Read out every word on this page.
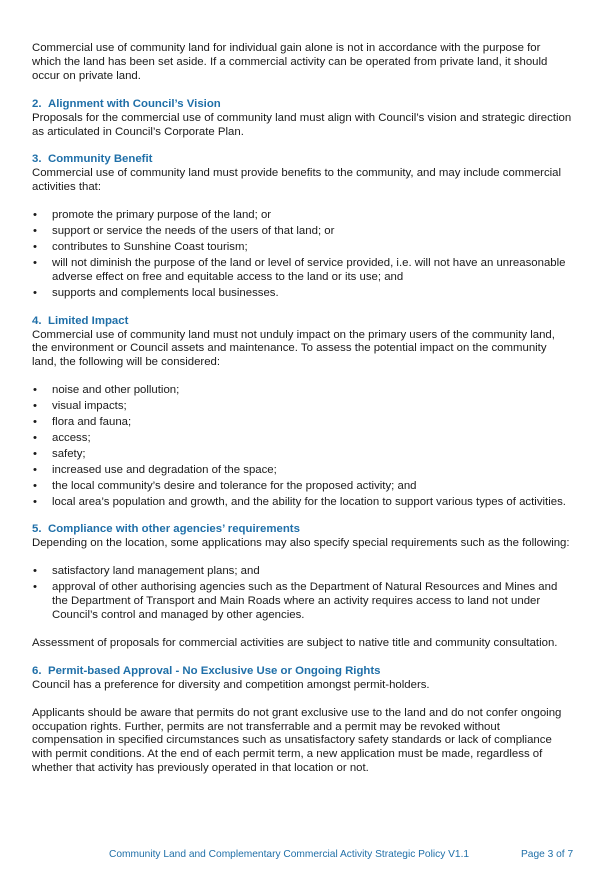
Commercial use of community land for individual gain alone is not in accordance with the purpose for which the land has been set aside. If a commercial activity can be operated from private land, it should occur on private land.

2. Alignment with Council’s Vision

Proposals for the commercial use of community land must align with Council’s vision and strategic direction as articulated in Council’s Corporate Plan.

3. Community Benefit

Commercial use of community land must provide benefits to the community, and may include commercial activities that:

• promote the primary purpose of the land; or
• support or service the needs of the users of that land; or
• contributes to Sunshine Coast tourism;
• will not diminish the purpose of the land or level of service provided, i.e. will not have an unreasonable adverse effect on free and equitable access to the land or its use; and
• supports and complements local businesses.

4. Limited Impact

Commercial use of community land must not unduly impact on the primary users of the community land, the environment or Council assets and maintenance. To assess the potential impact on the community land, the following will be considered:

• noise and other pollution;
• visual impacts;
• flora and fauna;
• access;
• safety;
• increased use and degradation of the space;
• the local community’s desire and tolerance for the proposed activity; and
• local area’s population and growth, and the ability for the location to support various types of activities.

5. Compliance with other agencies’ requirements

Depending on the location, some applications may also specify special requirements such as the following:

• satisfactory land management plans; and
• approval of other authorising agencies such as the Department of Natural Resources and Mines and the Department of Transport and Main Roads where an activity requires access to land not under Council’s control and managed by other agencies.

Assessment of proposals for commercial activities are subject to native title and community consultation.

6. Permit-based Approval - No Exclusive Use or Ongoing Rights

Council has a preference for diversity and competition amongst permit-holders.

Applicants should be aware that permits do not grant exclusive use to the land and do not confer ongoing occupation rights. Further, permits are not transferrable and a permit may be revoked without compensation in specified circumstances such as unsatisfactory safety standards or lack of compliance with permit conditions. At the end of each permit term, a new application must be made, regardless of whether that activity has previously operated in that location or not.

Community Land and Complementary Commercial Activity Strategic Policy V1.1	Page 3 of 7
